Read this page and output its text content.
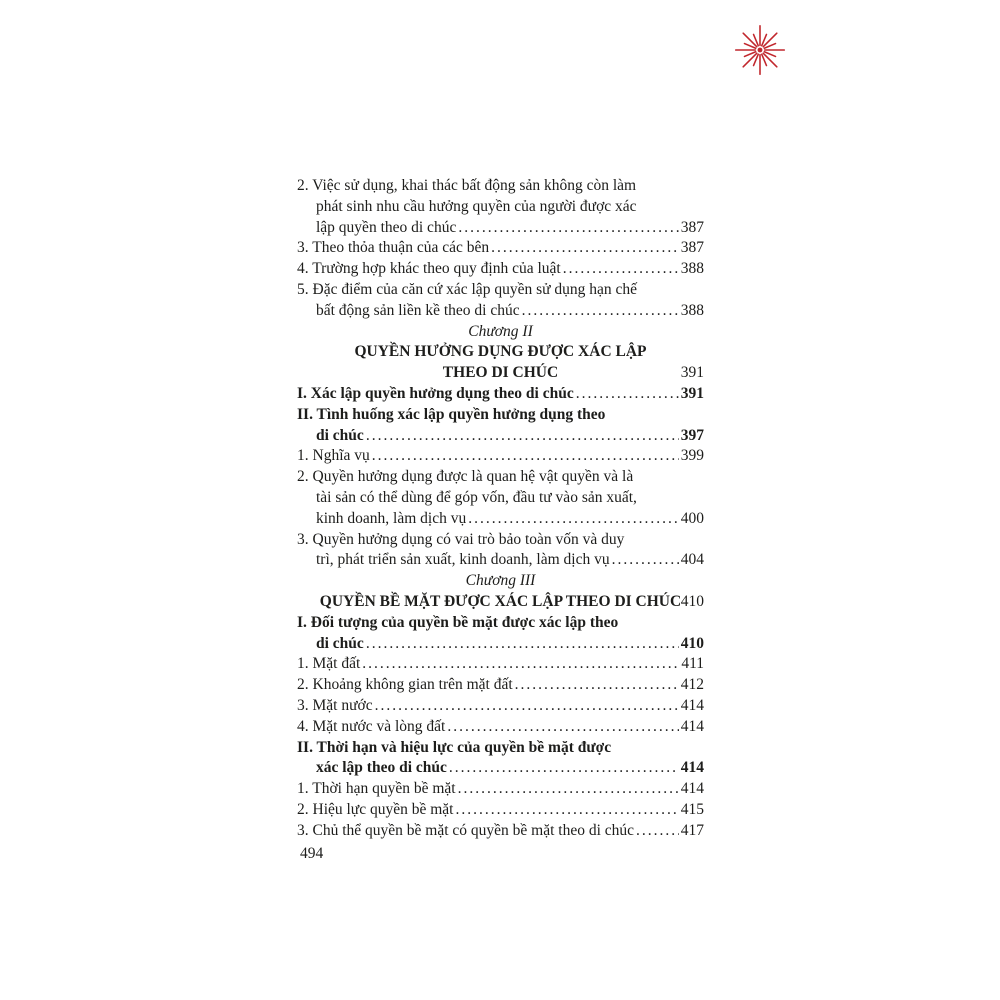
2. Việc sử dụng, khai thác bất động sản không còn làm
phát sinh nhu cầu hưởng quyền của người được xác
lập quyền theo di chúc .....	387
3. Theo thỏa thuận của các bên .....	387
4. Trường hợp khác theo quy định của luật .....	388
5. Đặc điểm của căn cứ xác lập quyền sử dụng hạn chế
bất động sản liền kề theo di chúc .....	388
Chương II
QUYỀN HƯỞNG DỤNG ĐƯỢC XÁC LẬP
THEO DI CHÚC	391
I. Xác lập quyền hưởng dụng theo di chúc .....	391
II. Tình huống xác lập quyền hưởng dụng theo
di chúc .....	397
1. Nghĩa vụ .....	399
2. Quyền hưởng dụng được là quan hệ vật quyền và là
tài sản có thể dùng để góp vốn, đầu tư vào sản xuất,
kinh doanh, làm dịch vụ .....	400
3. Quyền hưởng dụng có vai trò bảo toàn vốn và duy
trì, phát triển sản xuất, kinh doanh, làm dịch vụ .....	404
Chương III
QUYỀN BỀ MẶT ĐƯỢC XÁC LẬP THEO DI CHÚC 410
I. Đối tượng của quyền bề mặt được xác lập theo
di chúc .....	410
1. Mặt đất .....	411
2. Khoảng không gian trên mặt đất .....	412
3. Mặt nước .....	414
4. Mặt nước và lòng đất .....	414
II. Thời hạn và hiệu lực của quyền bề mặt được
xác lập theo di chúc .....	414
1. Thời hạn quyền bề mặt .....	414
2. Hiệu lực quyền bề mặt .....	415
3. Chủ thể quyền bề mặt có quyền bề mặt theo di chúc .....	417
494
